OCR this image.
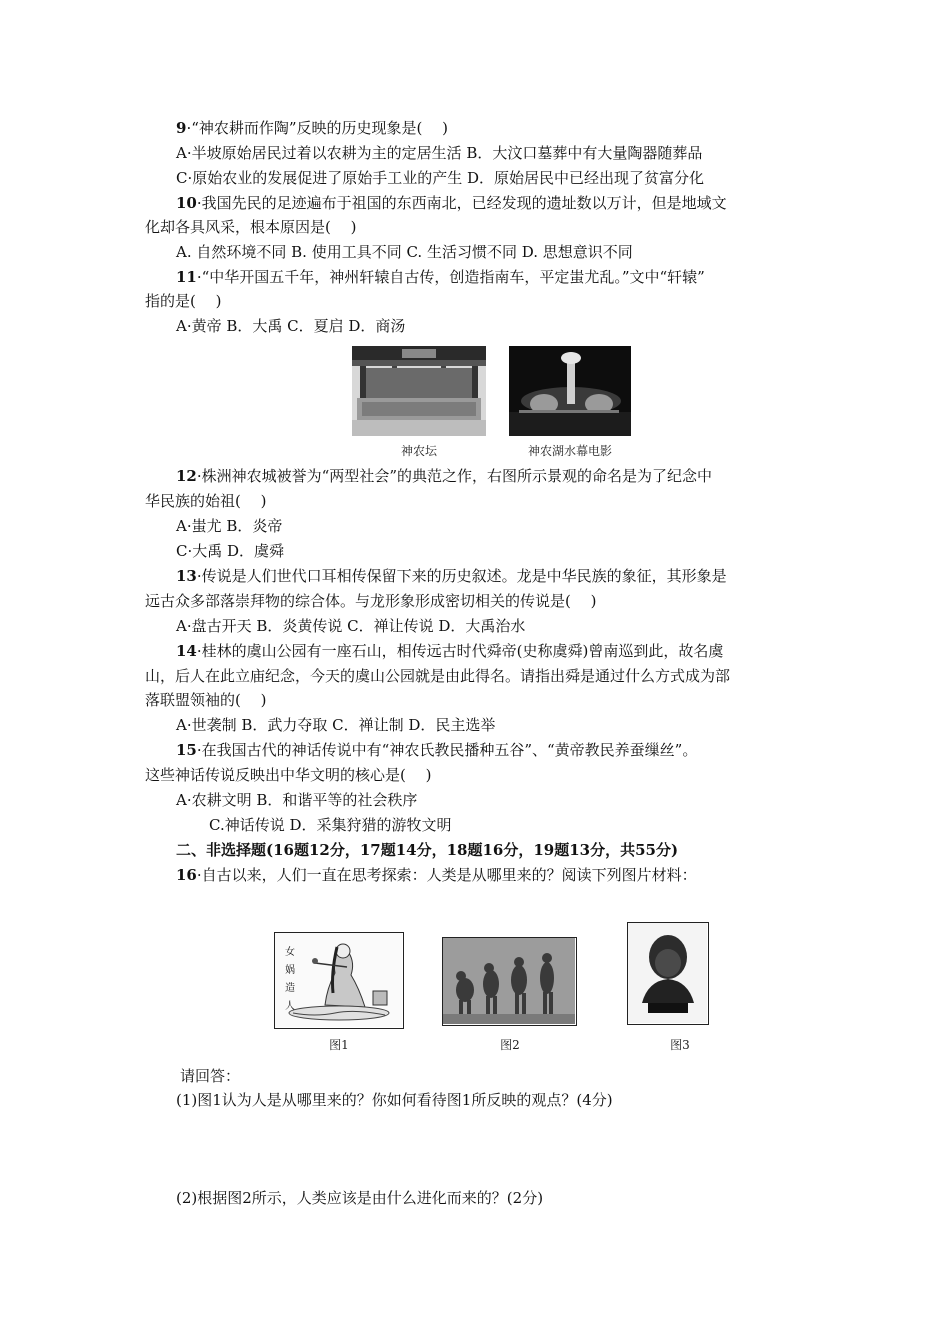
9·“神农耕而作陶”反映的历史现象是(　 )
A·半坡原始居民过着以农耕为主的定居生活 B．大汶口墓葬中有大量陶器随葬品
C·原始农业的发展促进了原始手工业的产生 D．原始居民中已经出现了贫富分化
10·我国先民的足迹遍布于祖国的东西南北，已经发现的遗址数以万计，但是地域文
化却各具风采，根本原因是(　 )
A. 自然环境不同 B. 使用工具不同 C. 生活习惯不同 D. 思想意识不同
11·“中华开国五千年，神州轩辕自古传，创造指南车，平定蚩尤乱。”文中“轩辕”
指的是(　 )
A·黄帝 B．大禹 C．夏启 D．商汤
神农坛	神农湖水幕电影
12·株洲神农城被誉为“两型社会”的典范之作，右图所示景观的命名是为了纪念中
华民族的始祖(　 )
A·蚩尤 B．炎帝
C·大禹 D．虞舜
13·传说是人们世代口耳相传保留下来的历史叙述。龙是中华民族的象征，其形象是
远古众多部落崇拜物的综合体。与龙形象形成密切相关的传说是(　 )
A·盘古开天 B．炎黄传说 C．禅让传说 D．大禹治水
14·桂林的虞山公园有一座石山，相传远古时代舜帝(史称虞舜)曾南巡到此，故名虞
山，后人在此立庙纪念，今天的虞山公园就是由此得名。请指出舜是通过什么方式成为部
落联盟领袖的(　 )
A·世袭制 B．武力夺取 C．禅让制 D．民主选举
15·在我国古代的神话传说中有“神农氏教民播种五谷”、“黄帝教民养蚕缫丝”。
这些神话传说反映出中华文明的核心是(　 )
A·农耕文明 B．和谐平等的社会秩序
C.神话传说 D．采集狩猎的游牧文明
二、非选择题(16题12分，17题14分，18题16分，19题13分，共55分)
16·自古以来，人们一直在思考探索：人类是从哪里来的？阅读下列图片材料：
女
娲
造
人
图1	图2	图3
请回答：
(1)图1认为人是从哪里来的？你如何看待图1所反映的观点？(4分)
(2)根据图2所示，人类应该是由什么进化而来的？(2分)
